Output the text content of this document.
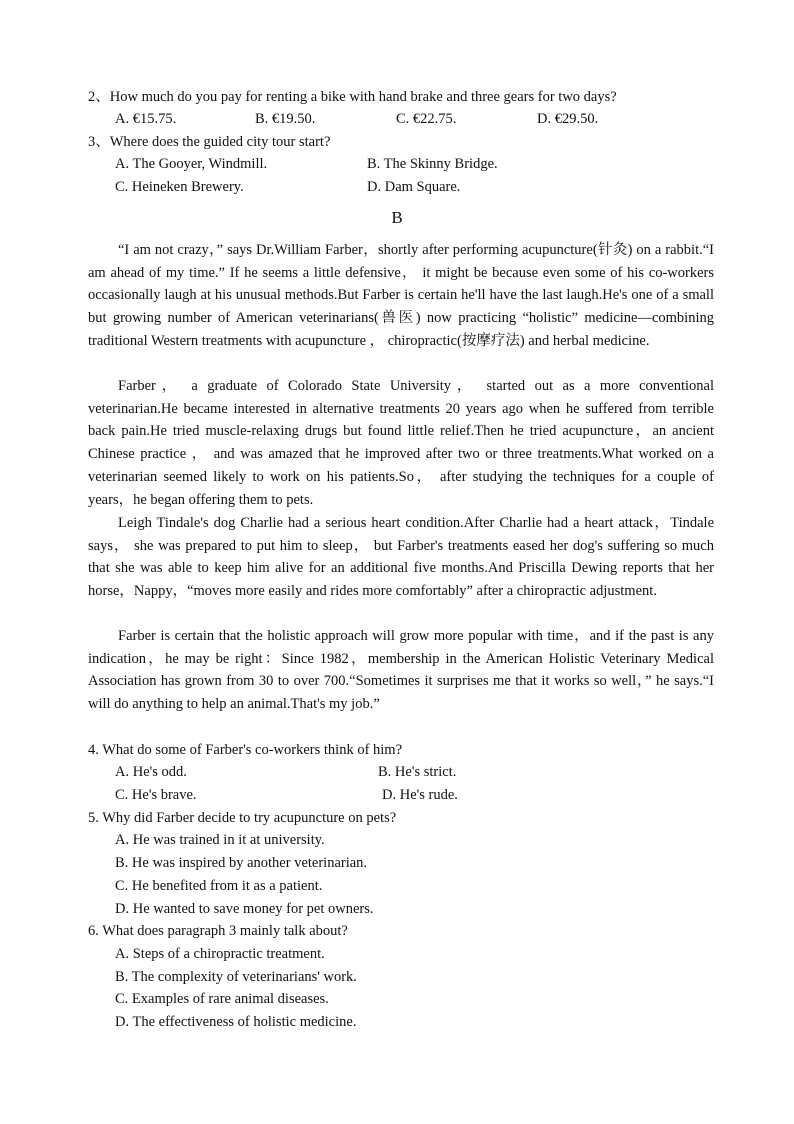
2、How much do you pay for renting a bike with hand brake and three gears for two days?
A. €15.75.	B. €19.50.	C. €22.75.	D. €29.50.
3、Where does the guided city tour start?
A. The Gooyer, Windmill.	B. The Skinny Bridge.
C. Heineken Brewery.	D. Dam Square.
B

“I am not crazy，” says Dr.William Farber，shortly after performing acupuncture(针灸) on a rabbit.“I am ahead of my time.” If he seems a little defensive， it might be because even some of his co-workers occasionally laugh at his unusual methods.But Farber is certain he'll have the last laugh.He's one of a small but growing number of American veterinarians(兽医) now practicing “holistic” medicine—combining traditional Western treatments with acupuncture ， chiropractic(按摩疗法) and herbal medicine.

Farber， a graduate of Colorado State University， started out as a more conventional veterinarian.He became interested in alternative treatments 20 years ago when he suffered from terrible back pain.He tried muscle-relaxing drugs but found little relief.Then he tried acupuncture，an ancient Chinese practice ， and was amazed that he improved after two or three treatments.What worked on a veterinarian seemed likely to work on his patients.So， after studying the techniques for a couple of years，he began offering them to pets.

Leigh Tindale's dog Charlie had a serious heart condition.After Charlie had a heart attack，Tindale says， she was prepared to put him to sleep， but Farber's treatments eased her dog's suffering so much that she was able to keep him alive for an additional five months.And Priscilla Dewing reports that her horse，Nappy，“moves more easily and rides more comfortably” after a chiropractic adjustment.

Farber is certain that the holistic approach will grow more popular with time，and if the past is any indication，he may be right：Since 1982，membership in the American Holistic Veterinary Medical Association has grown from 30 to over 700.“Sometimes it surprises me that it works so well，” he says.“I will do anything to help an animal.That's my job.”

4. What do some of Farber's co-workers think of him?
A. He's odd.	B. He's strict.
C. He's brave.	D. He's rude.
5. Why did Farber decide to try acupuncture on pets?
A. He was trained in it at university.
B. He was inspired by another veterinarian.
C. He benefited from it as a patient.
D. He wanted to save money for pet owners.
6. What does paragraph 3 mainly talk about?
A. Steps of a chiropractic treatment.
B. The complexity of veterinarians' work.
C. Examples of rare animal diseases.
D. The effectiveness of holistic medicine.
